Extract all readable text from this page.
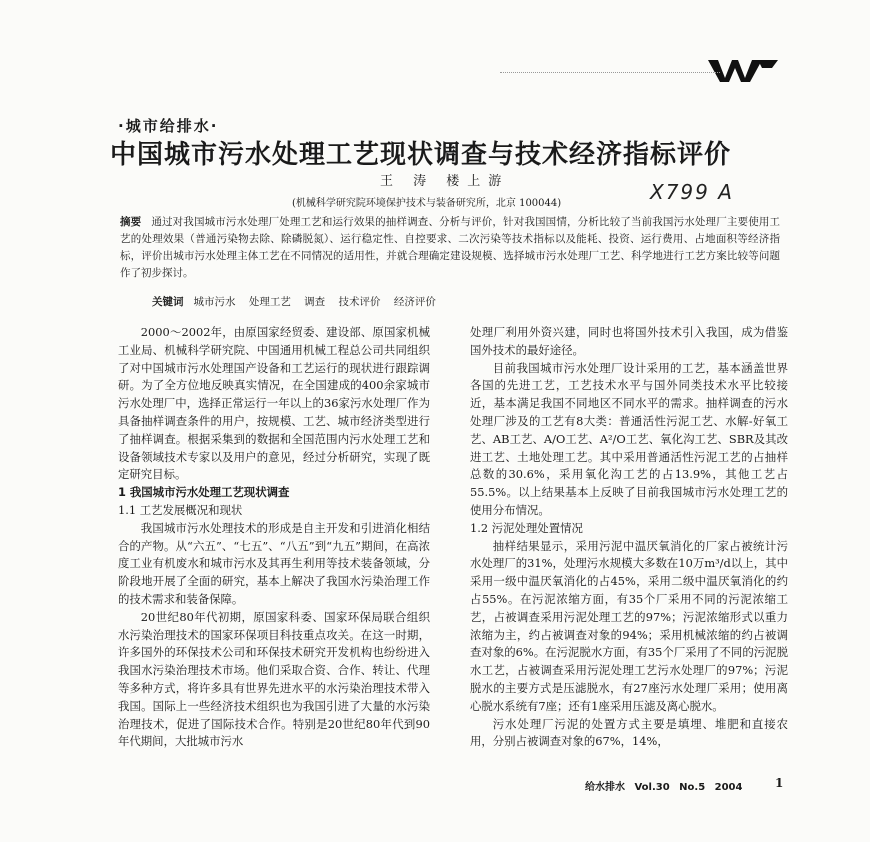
·城市给排水·
中国城市污水处理工艺现状调查与技术经济指标评价
王 涛 楼上游
(机械科学研究院环境保护技术与装备研究所，北京 100044)	X799 A
摘要 通过对我国城市污水处理厂处理工艺和运行效果的抽样调查、分析与评价，针对我国国情，分析比较了当前我国污水处理厂主要使用工艺的处理效果（普通污染物去除、除磷脱氮）、运行稳定性、自控要求、二次污染等技术指标以及能耗、投资、运行费用、占地面积等经济指标，评价出城市污水处理主体工艺在不同情况的适用性，并就合理确定建设规模、选择城市污水处理厂工艺、科学地进行工艺方案比较等问题作了初步探讨。
关键词 城市污水 处理工艺 调查 技术评价 经济评价

2000～2002年，由原国家经贸委、建设部、原国家机械工业局、机械科学研究院、中国通用机械工程总公司共同组织了对中国城市污水处理国产设备和工艺运行的现状进行跟踪调研。为了全方位地反映真实情况，在全国建成的400余家城市污水处理厂中，选择正常运行一年以上的36家污水处理厂作为具备抽样调查条件的用户，按规模、工艺、城市经济类型进行了抽样调查。根据采集到的数据和全国范围内污水处理工艺和设备领域技术专家以及用户的意见，经过分析研究，实现了既定研究目标。

1 我国城市污水处理工艺现状调查
1.1 工艺发展概况和现状

我国城市污水处理技术的形成是自主开发和引进消化相结合的产物。从“六五”、“七五”、“八五”到“九五”期间，在高浓度工业有机废水和城市污水及其再生利用等技术装备领域，分阶段地开展了全面的研究，基本上解决了我国水污染治理工作的技术需求和装备保障。

20世纪80年代初期，原国家科委、国家环保局联合组织水污染治理技术的国家环保项目科技重点攻关。在这一时期，许多国外的环保技术公司和环保技术研究开发机构也纷纷进入我国水污染治理技术市场。他们采取合资、合作、转让、代理等多种方式，将许多具有世界先进水平的水污染治理技术带入我国。国际上一些经济技术组织也为我国引进了大量的水污染治理技术，促进了国际技术合作。特别是20世纪80年代到90年代期间，大批城市污水

处理厂利用外资兴建，同时也将国外技术引入我国，成为借鉴国外技术的最好途径。

目前我国城市污水处理厂设计采用的工艺，基本涵盖世界各国的先进工艺，工艺技术水平与国外同类技术水平比较接近，基本满足我国不同地区不同水平的需求。抽样调查的污水处理厂涉及的工艺有8大类：普通活性污泥工艺、水解-好氧工艺、AB工艺、A/O工艺、A²/O工艺、氧化沟工艺、SBR及其改进工艺、土地处理工艺。其中采用普通活性污泥工艺的占抽样总数的30.6%，采用氧化沟工艺的占13.9%，其他工艺占55.5%。以上结果基本上反映了目前我国城市污水处理工艺的使用分布情况。

1.2 污泥处理处置情况

抽样结果显示，采用污泥中温厌氧消化的厂家占被统计污水处理厂的31%，处理污水规模大多数在10万m³/d以上，其中采用一级中温厌氧消化的占45%，采用二级中温厌氧消化的约占55%。在污泥浓缩方面，有35个厂采用不同的污泥浓缩工艺，占被调查采用污泥处理工艺的97%；污泥浓缩形式以重力浓缩为主，约占被调查对象的94%；采用机械浓缩的约占被调查对象的6%。在污泥脱水方面，有35个厂采用了不同的污泥脱水工艺，占被调查采用污泥处理工艺污水处理厂的97%；污泥脱水的主要方式是压滤脱水，有27座污水处理厂采用；使用离心脱水系统有7座；还有1座采用压滤及离心脱水。

污水处理厂污泥的处置方式主要是填埋、堆肥和直接农用，分别占被调查对象的67%，14%，

给水排水 Vol.30 No.5 2004	1
